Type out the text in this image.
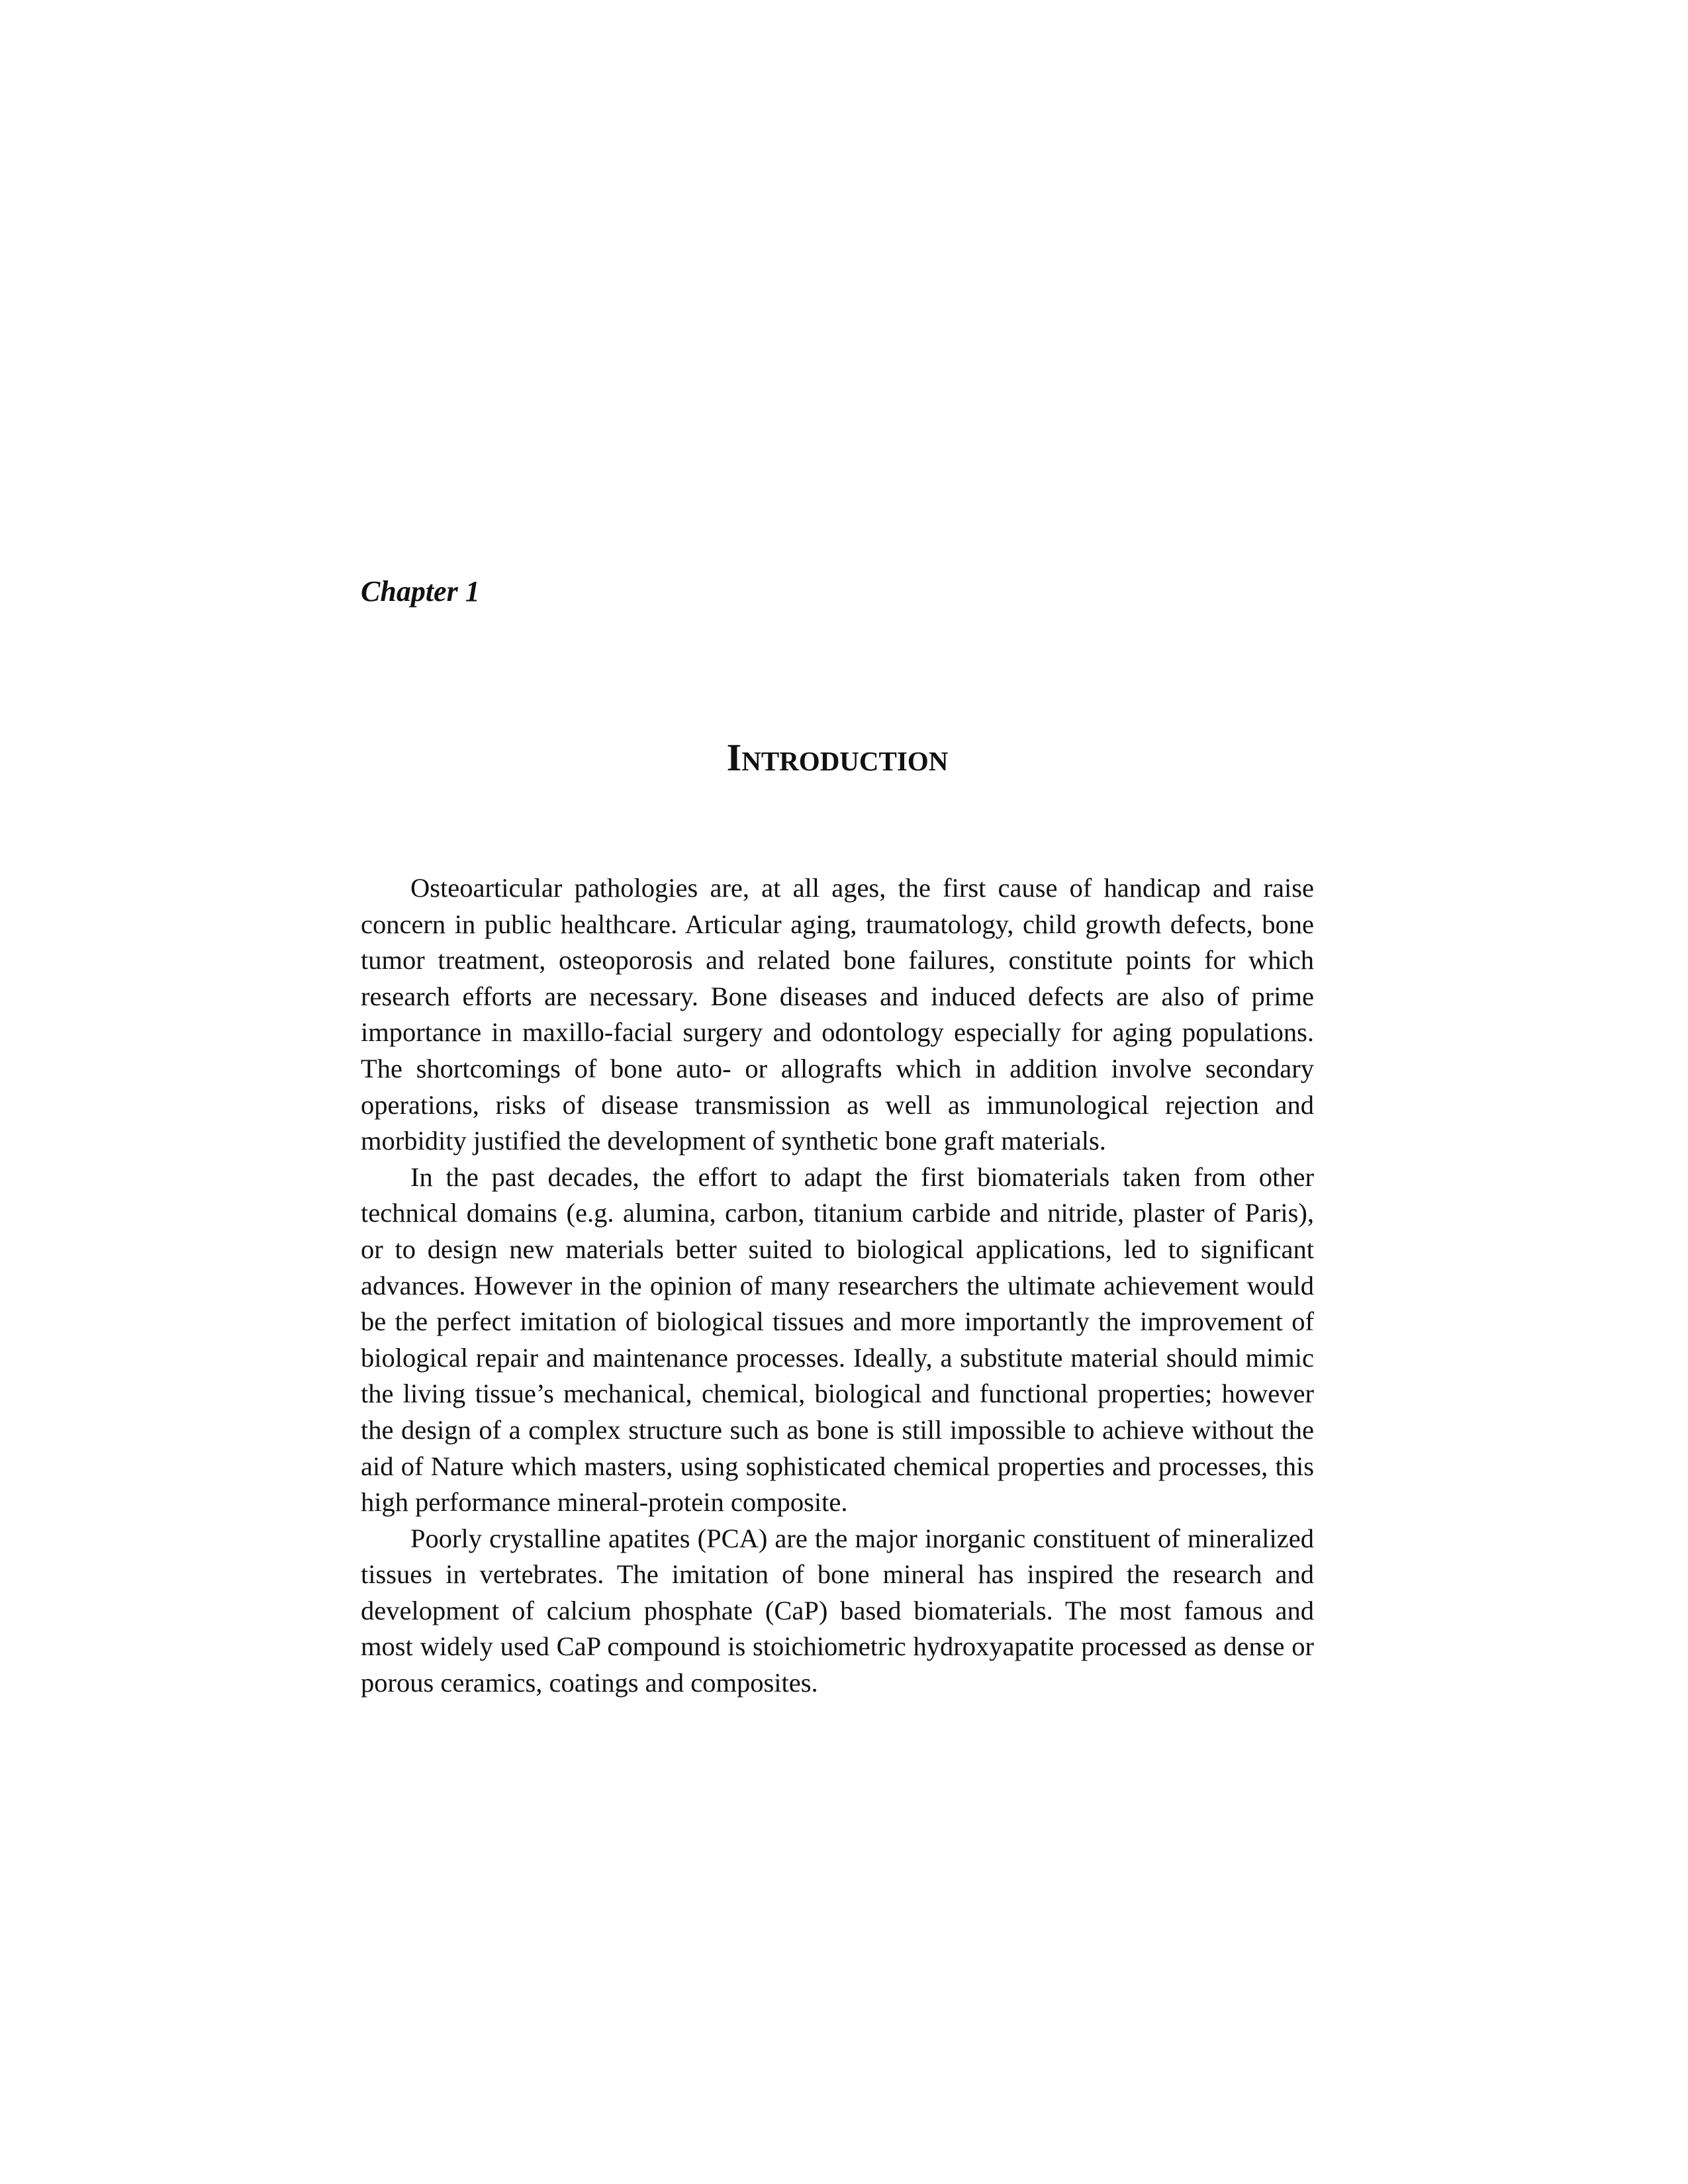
Chapter 1

Introduction

Osteoarticular pathologies are, at all ages, the first cause of handicap and raise concern in public healthcare. Articular aging, traumatology, child growth defects, bone tumor treatment, osteoporosis and related bone failures, constitute points for which research efforts are necessary. Bone diseases and induced defects are also of prime importance in maxillo-facial surgery and odontology especially for aging populations. The shortcomings of bone auto- or allografts which in addition involve secondary operations, risks of disease transmission as well as immunological rejection and morbidity justified the development of synthetic bone graft materials.

In the past decades, the effort to adapt the first biomaterials taken from other technical domains (e.g. alumina, carbon, titanium carbide and nitride, plaster of Paris), or to design new materials better suited to biological applications, led to significant advances. However in the opinion of many researchers the ultimate achievement would be the perfect imitation of biological tissues and more importantly the improvement of biological repair and maintenance processes. Ideally, a substitute material should mimic the living tissue’s mechanical, chemical, biological and functional properties; however the design of a complex structure such as bone is still impossible to achieve without the aid of Nature which masters, using sophisticated chemical properties and processes, this high performance mineral-protein composite.

Poorly crystalline apatites (PCA) are the major inorganic constituent of mineralized tissues in vertebrates. The imitation of bone mineral has inspired the research and development of calcium phosphate (CaP) based biomaterials. The most famous and most widely used CaP compound is stoichiometric hydroxyapatite processed as dense or porous ceramics, coatings and composites.
